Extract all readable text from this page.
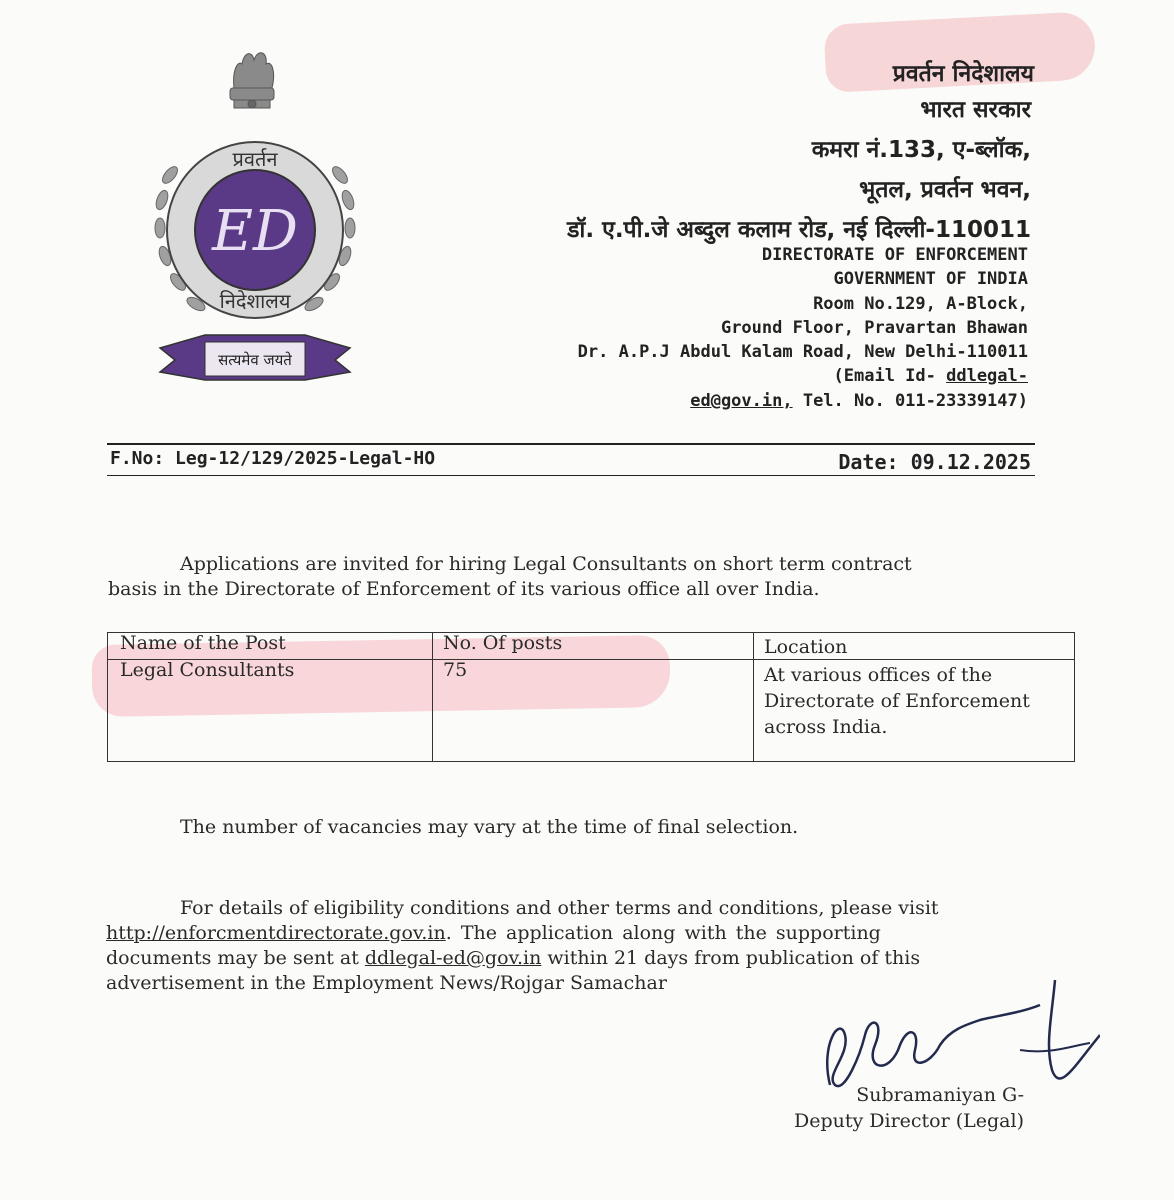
प्रवर्तन
निदेशालय
ED
सत्यमेव जयते
प्रवर्तन निदेशालय
भारत सरकार
कमरा नं.133, ए-ब्लॉक,
भूतल, प्रवर्तन भवन,
डॉ. ए.पी.जे अब्दुल कलाम रोड, नई दिल्ली-110011
DIRECTORATE OF ENFORCEMENT
GOVERNMENT OF INDIA
Room No.129, A-Block,
Ground Floor, Pravartan Bhawan
Dr. A.P.J Abdul Kalam Road, New Delhi-110011
(Email Id- ddlegal-
ed@gov.in, Tel. No. 011-23339147)
F.No: Leg-12/129/2025-Legal-HO	Date: 09.12.2025
Applications are invited for hiring Legal Consultants on short term contract
basis in the Directorate of Enforcement of its various office all over India.
Name of the Post	No. Of posts	Location
Legal Consultants	75	At various offices of the
Directorate of Enforcement
across India.
The number of vacancies may vary at the time of final selection.
For details of eligibility conditions and other terms and conditions, please visit
http://enforcmentdirectorate.gov.in. The application along with the supporting
documents may be sent at ddlegal-ed@gov.in within 21 days from publication of this
advertisement in the Employment News/Rojgar Samachar
Subramaniyan G-
Deputy Director (Legal)
